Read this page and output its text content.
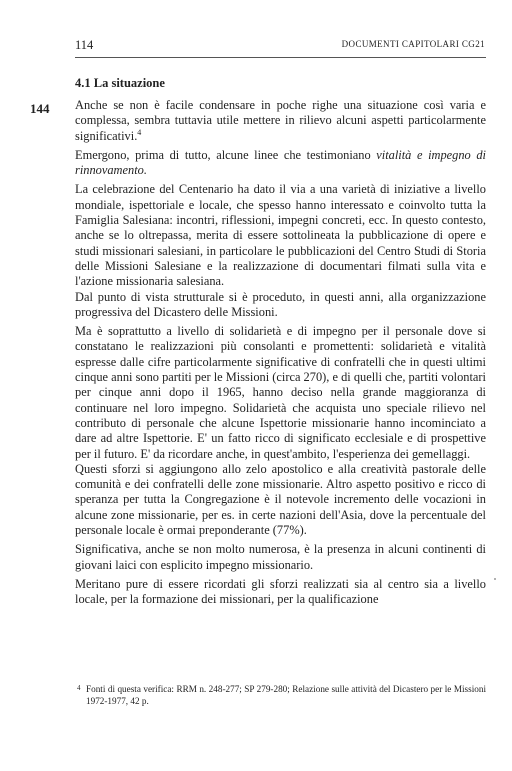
114	DOCUMENTI CAPITOLARI CG21
4.1 La situazione
144 Anche se non è facile condensare in poche righe una situazione così varia e complessa, sembra tuttavia utile mettere in rilievo alcuni aspetti particolarmente significativi.$^4$

Emergono, prima di tutto, alcune linee che testimoniano vitalità e impegno di rinnovamento.

La celebrazione del Centenario ha dato il via a una varietà di iniziative a livello mondiale, ispettoriale e locale, che spesso hanno interessato e coinvolto tutta la Famiglia Salesiana: incontri, riflessioni, impegni concreti, ecc. In questo contesto, anche se lo oltrepassa, merita di essere sottolineata la pubblicazione di opere e studi missionari salesiani, in particolare le pubblicazioni del Centro Studi di Storia delle Missioni Salesiane e la realizzazione di documentari filmati sulla vita e l'azione missionaria salesiana.

Dal punto di vista strutturale si è proceduto, in questi anni, alla organizzazione progressiva del Dicastero delle Missioni.

Ma è soprattutto a livello di solidarietà e di impegno per il personale dove si constatano le realizzazioni più consolanti e promettenti: solidarietà e vitalità espresse dalle cifre particolarmente significative di confratelli che in questi ultimi cinque anni sono partiti per le Missioni (circa 270), e di quelli che, partiti volontari per cinque anni dopo il 1965, hanno deciso nella grande maggioranza di continuare nel loro impegno. Solidarietà che acquista uno speciale rilievo nel contributo di personale che alcune Ispettorie missionarie hanno incominciato a dare ad altre Ispettorie. E' un fatto ricco di significato ecclesiale e di prospettive per il futuro. E' da ricordare anche, in quest'ambito, l'esperienza dei gemellaggi.

Questi sforzi si aggiungono allo zelo apostolico e alla creatività pastorale delle comunità e dei confratelli delle zone missionarie. Altro aspetto positivo e ricco di speranza per tutta la Congregazione è il notevole incremento delle vocazioni in alcune zone missionarie, per es. in certe nazioni dell'Asia, dove la percentuale del personale locale è ormai preponderante (77%).

Significativa, anche se non molto numerosa, è la presenza in alcuni continenti di giovani laici con esplicito impegno missionario.

Meritano pure di essere ricordati gli sforzi realizzati sia al centro sia a livello locale, per la formazione dei missionari, per la qualificazione

4 Fonti di questa verifica: RRM n. 248-277; SP 279-280; Relazione sulle attività del Dicastero per le Missioni 1972-1977, 42 p.
